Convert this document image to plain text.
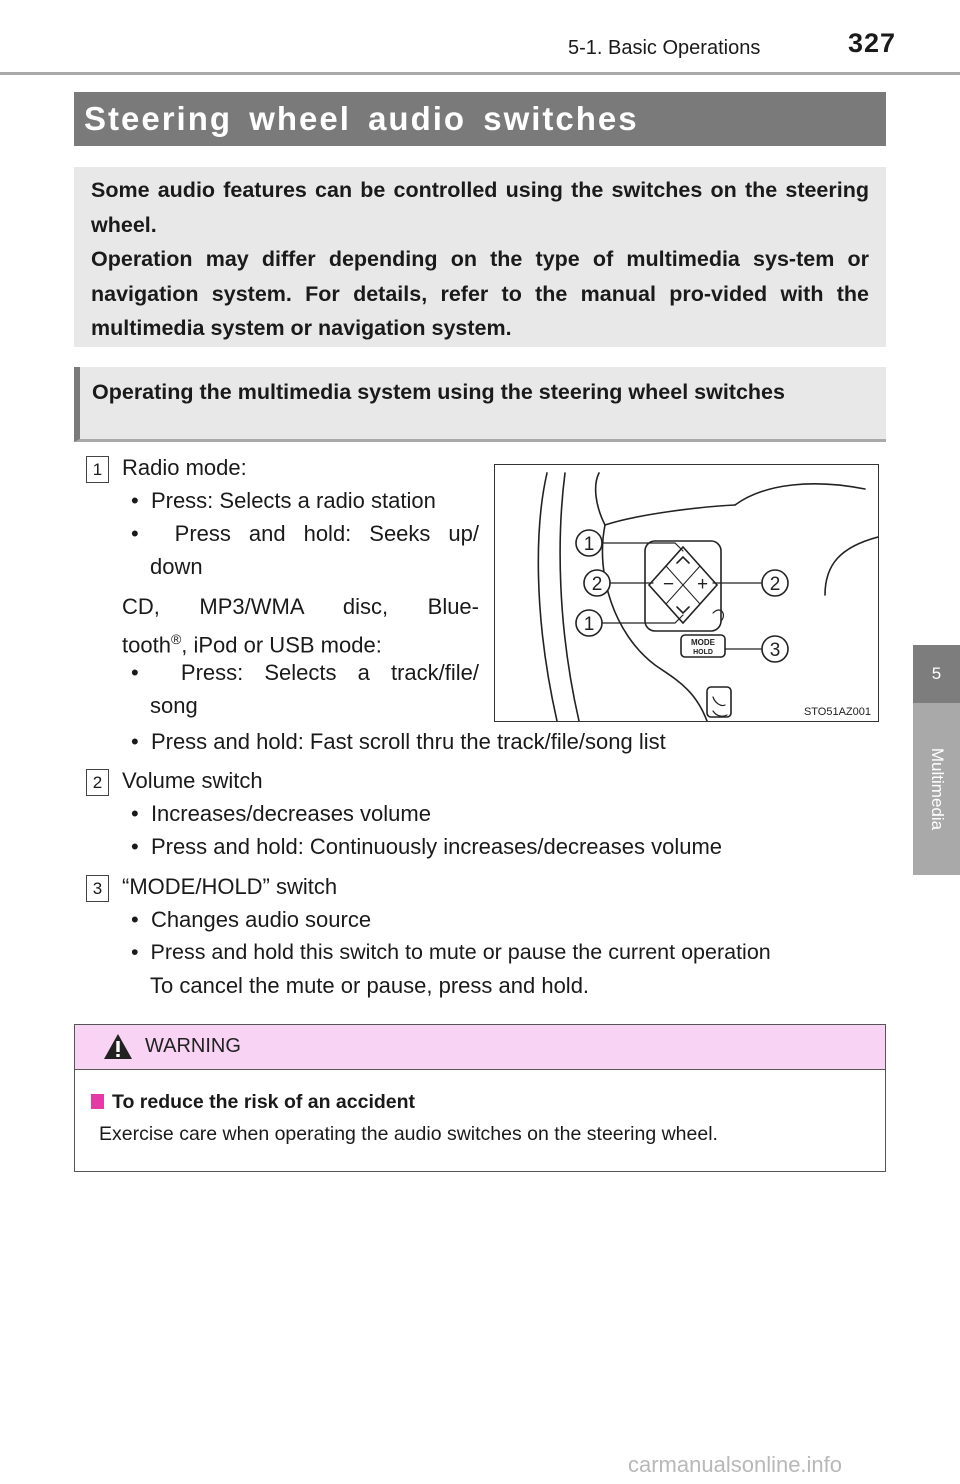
5-1. Basic Operations	327
5
Multimedia
Steering wheel audio switches

Some audio features can be controlled using the switches on the steering wheel.

Operation may differ depending on the type of multimedia sys-tem or navigation system. For details, refer to the manual pro-vided with the multimedia system or navigation system.

Operating the multimedia system using the steering wheel switches

1 Radio mode:
•  Press: Selects a radio station
•  Press and hold: Seeks up/
down
CD, MP3/WMA disc, Blue-
tooth®, iPod or USB mode:
•  Press: Selects a track/file/
song
•  Press and hold: Fast scroll thru the track/file/song list
− +
MODE
HOLD
1
2
1
2
3
STO51AZ001
2 Volume switch
•  Increases/decreases volume
•  Press and hold: Continuously increases/decreases volume
3 “MODE/HOLD” switch
•  Changes audio source
•  Press and hold this switch to mute or pause the current operation
To cancel the mute or pause, press and hold.
WARNING
To reduce the risk of an accident
Exercise care when operating the audio switches on the steering wheel.
carmanualsonline.info
